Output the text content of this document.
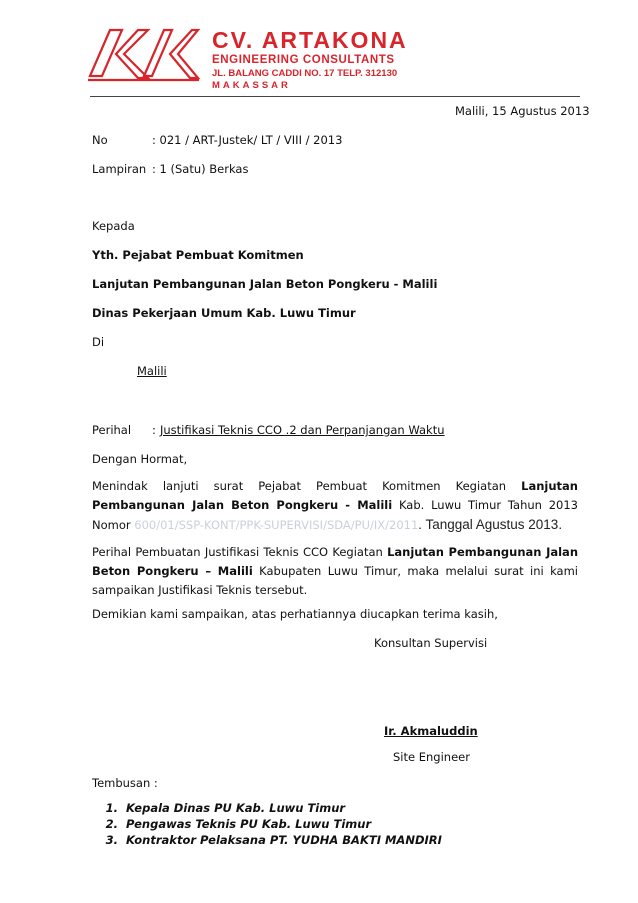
CV. ARTAKONA
ENGINEERING CONSULTANTS
JL. BALANG CADDI NO. 17 TELP. 312130
MAKASSAR
Malili, 15 Agustus 2013
No	: 021 / ART-Justek/ LT / VIII / 2013
Lampiran : 1 (Satu) Berkas
Kepada
Yth. Pejabat Pembuat Komitmen
Lanjutan Pembangunan Jalan Beton Pongkeru - Malili
Dinas Pekerjaan Umum Kab. Luwu Timur
Di
Malili
Perihal : Justifikasi Teknis CCO .2 dan Perpanjangan Waktu
Dengan Hormat,
Menindak lanjuti surat Pejabat Pembuat Komitmen Kegiatan Lanjutan Pembangunan Jalan Beton Pongkeru - Malili Kab. Luwu Timur Tahun 2013 Nomor 600/01/SSP-KONT/PPK-SUPERVISI/SDA/PU/IX/2011. Tanggal Agustus 2013.
Perihal Pembuatan Justifikasi Teknis CCO Kegiatan Lanjutan Pembangunan Jalan Beton Pongkeru – Malili Kabupaten Luwu Timur, maka melalui surat ini kami sampaikan Justifikasi Teknis tersebut.
Demikian kami sampaikan, atas perhatiannya diucapkan terima kasih,
Konsultan Supervisi
Ir. Akmaluddin
Site Engineer
Tembusan :
1. Kepala Dinas PU Kab. Luwu Timur
2. Pengawas Teknis PU Kab. Luwu Timur
3. Kontraktor Pelaksana PT. YUDHA BAKTI MANDIRI
